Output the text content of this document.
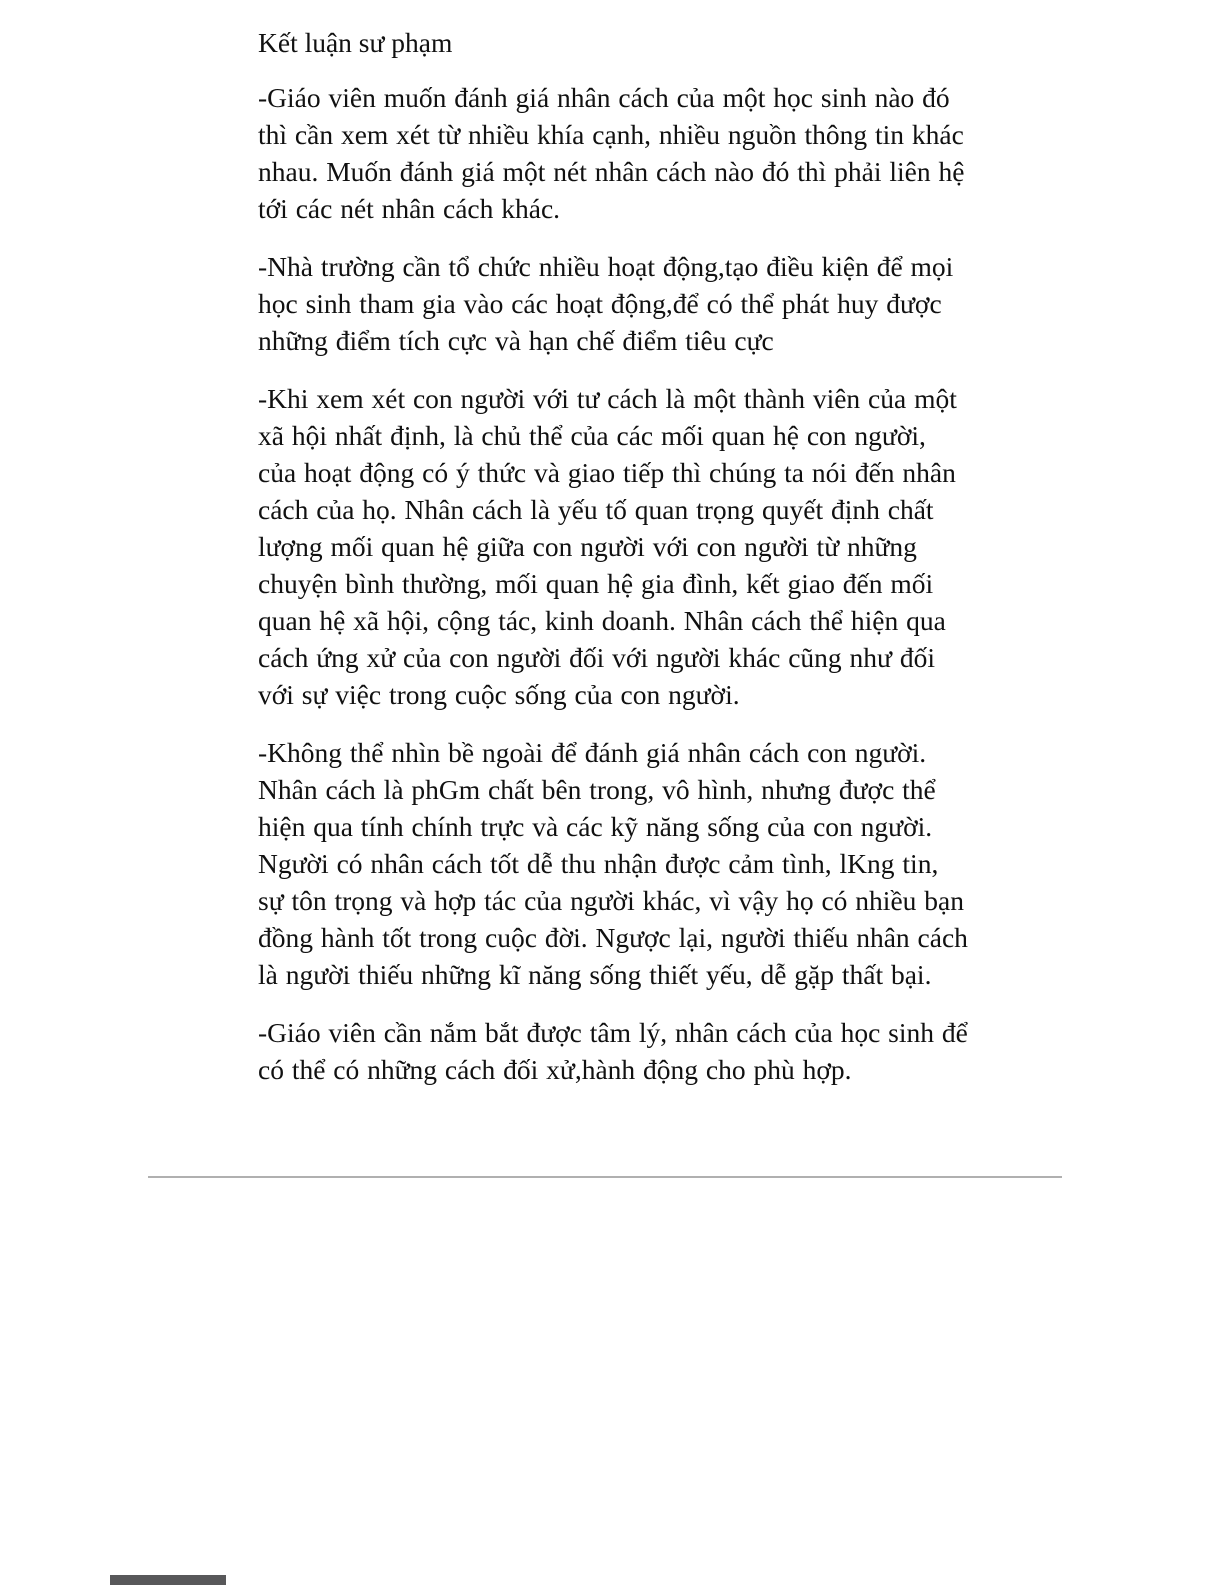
Kết luận sư phạm

-Giáo viên muốn đánh giá nhân cách của một học sinh nào đó thì cần xem xét từ nhiều khía cạnh, nhiều nguồn thông tin khác nhau. Muốn đánh giá một nét nhân cách nào đó thì phải liên hệ tới các nét nhân cách khác.

-Nhà trường cần tổ chức nhiều hoạt động,tạo điều kiện để mọi học sinh tham gia vào các hoạt động,để có thể phát huy được những điểm tích cực và hạn chế điểm tiêu cực

-Khi xem xét con người với tư cách là một thành viên của một xã hội nhất định, là chủ thể của các mối quan hệ con người, của hoạt động có ý thức và giao tiếp thì chúng ta nói đến nhân cách của họ. Nhân cách là yếu tố quan trọng quyết định chất lượng mối quan hệ giữa con người với con người từ những chuyện bình thường, mối quan hệ gia đình, kết giao đến mối quan hệ xã hội, cộng tác, kinh doanh. Nhân cách thể hiện qua cách ứng xử của con người đối với người khác cũng như đối với sự việc trong cuộc sống của con người.

-Không thể nhìn bề ngoài để đánh giá nhân cách con người. Nhân cách là phGm chất bên trong, vô hình, nhưng được thể hiện qua tính chính trực và các kỹ năng sống của con người. Người có nhân cách tốt dễ thu nhận được cảm tình, lKng tin, sự tôn trọng và hợp tác của người khác, vì vậy họ có nhiều bạn đồng hành tốt trong cuộc đời. Ngược lại, người thiếu nhân cách là người thiếu những kĩ năng sống thiết yếu, dễ gặp thất bại.

-Giáo viên cần nắm bắt được tâm lý, nhân cách của học sinh để có thể có những cách đối xử,hành động cho phù hợp.
